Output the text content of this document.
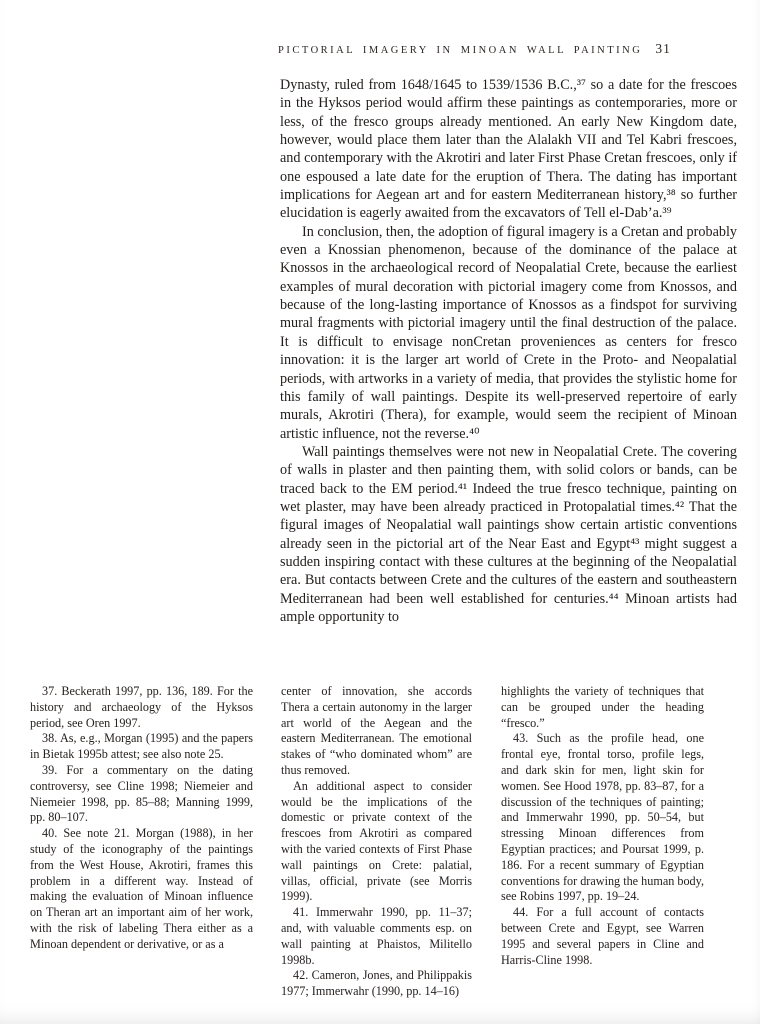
PICTORIAL IMAGERY IN MINOAN WALL PAINTING 31

Dynasty, ruled from 1648/1645 to 1539/1536 B.C.,³⁷ so a date for the frescoes in the Hyksos period would affirm these paintings as contemporaries, more or less, of the fresco groups already mentioned. An early New Kingdom date, however, would place them later than the Alalakh VII and Tel Kabri frescoes, and contemporary with the Akrotiri and later First Phase Cretan frescoes, only if one espoused a late date for the eruption of Thera. The dating has important implications for Aegean art and for eastern Mediterranean history,³⁸ so further elucidation is eagerly awaited from the excavators of Tell el-Dab’a.³⁹

In conclusion, then, the adoption of figural imagery is a Cretan and probably even a Knossian phenomenon, because of the dominance of the palace at Knossos in the archaeological record of Neopalatial Crete, because the earliest examples of mural decoration with pictorial imagery come from Knossos, and because of the long-lasting importance of Knossos as a findspot for surviving mural fragments with pictorial imagery until the final destruction of the palace. It is difficult to envisage nonCretan proveniences as centers for fresco innovation: it is the larger art world of Crete in the Proto- and Neopalatial periods, with artworks in a variety of media, that provides the stylistic home for this family of wall paintings. Despite its well-preserved repertoire of early murals, Akrotiri (Thera), for example, would seem the recipient of Minoan artistic influence, not the reverse.⁴⁰

Wall paintings themselves were not new in Neopalatial Crete. The covering of walls in plaster and then painting them, with solid colors or bands, can be traced back to the EM period.⁴¹ Indeed the true fresco technique, painting on wet plaster, may have been already practiced in Protopalatial times.⁴² That the figural images of Neopalatial wall paintings show certain artistic conventions already seen in the pictorial art of the Near East and Egypt⁴³ might suggest a sudden inspiring contact with these cultures at the beginning of the Neopalatial era. But contacts between Crete and the cultures of the eastern and southeastern Mediterranean had been well established for centuries.⁴⁴ Minoan artists had ample opportunity to

37. Beckerath 1997, pp. 136, 189. For the history and archaeology of the Hyksos period, see Oren 1997.

38. As, e.g., Morgan (1995) and the papers in Bietak 1995b attest; see also note 25.

39. For a commentary on the dating controversy, see Cline 1998; Niemeier and Niemeier 1998, pp. 85–88; Manning 1999, pp. 80–107.

40. See note 21. Morgan (1988), in her study of the iconography of the paintings from the West House, Akrotiri, frames this problem in a different way. Instead of making the evaluation of Minoan influence on Theran art an important aim of her work, with the risk of labeling Thera either as a Minoan dependent or derivative, or as a

center of innovation, she accords Thera a certain autonomy in the larger art world of the Aegean and the eastern Mediterranean. The emotional stakes of “who dominated whom” are thus removed.

An additional aspect to consider would be the implications of the domestic or private context of the frescoes from Akrotiri as compared with the varied contexts of First Phase wall paintings on Crete: palatial, villas, official, private (see Morris 1999).

41. Immerwahr 1990, pp. 11–37; and, with valuable comments esp. on wall painting at Phaistos, Militello 1998b.

42. Cameron, Jones, and Philippakis 1977; Immerwahr (1990, pp. 14–16)

highlights the variety of techniques that can be grouped under the heading “fresco.”

43. Such as the profile head, one frontal eye, frontal torso, profile legs, and dark skin for men, light skin for women. See Hood 1978, pp. 83–87, for a discussion of the techniques of painting; and Immerwahr 1990, pp. 50–54, but stressing Minoan differences from Egyptian practices; and Poursat 1999, p. 186. For a recent summary of Egyptian conventions for drawing the human body, see Robins 1997, pp. 19–24.

44. For a full account of contacts between Crete and Egypt, see Warren 1995 and several papers in Cline and Harris-Cline 1998.
